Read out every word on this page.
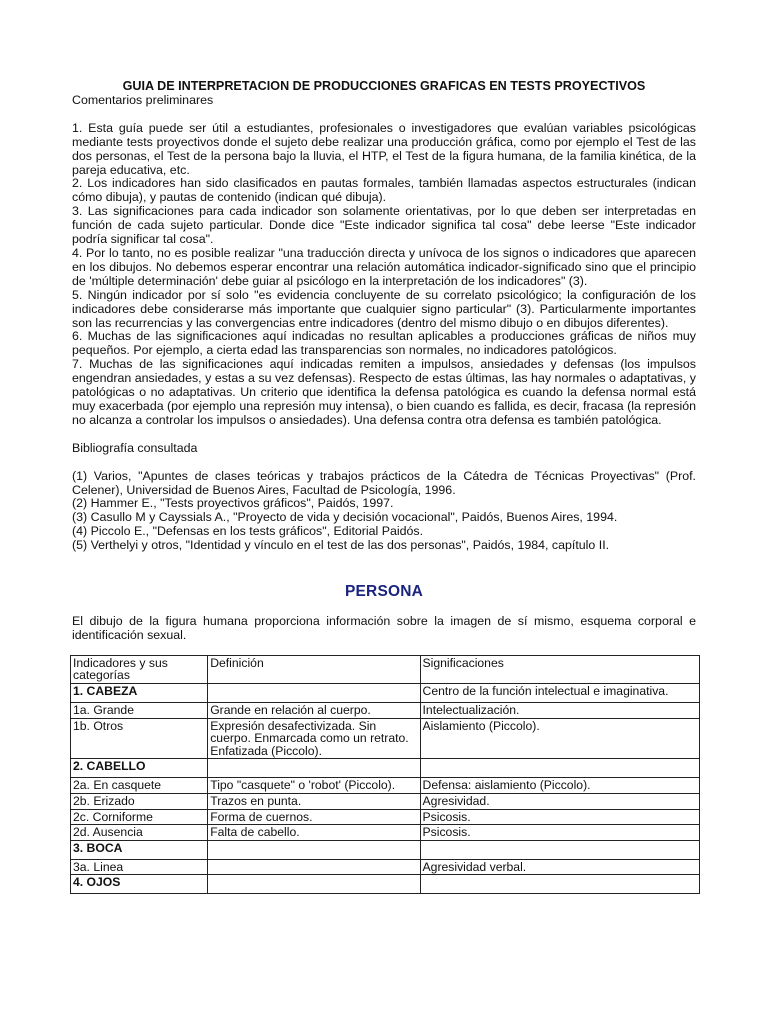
GUIA DE INTERPRETACION DE PRODUCCIONES GRAFICAS EN TESTS PROYECTIVOS
Comentarios preliminares

1. Esta guía puede ser útil a estudiantes, profesionales o investigadores que evalúan variables psicológicas mediante tests proyectivos donde el sujeto debe realizar una producción gráfica, como por ejemplo el Test de las dos personas, el Test de la persona bajo la lluvia, el HTP, el Test de la figura humana, de la familia kinética, de la pareja educativa, etc.

2. Los indicadores han sido clasificados en pautas formales, también llamadas aspectos estructurales (indican cómo dibuja), y pautas de contenido (indican qué dibuja).

3. Las significaciones para cada indicador son solamente orientativas, por lo que deben ser interpretadas en función de cada sujeto particular. Donde dice "Este indicador significa tal cosa" debe leerse "Este indicador podría significar tal cosa".

4. Por lo tanto, no es posible realizar "una traducción directa y unívoca de los signos o indicadores que aparecen en los dibujos. No debemos esperar encontrar una relación automática indicador-significado sino que el principio de 'múltiple determinación' debe guiar al psicólogo en la interpretación de los indicadores" (3).

5. Ningún indicador por sí solo "es evidencia concluyente de su correlato psicológico; la configuración de los indicadores debe considerarse más importante que cualquier signo particular" (3). Particularmente importantes son las recurrencias y las convergencias entre indicadores (dentro del mismo dibujo o en dibujos diferentes).

6. Muchas de las significaciones aquí indicadas no resultan aplicables a producciones gráficas de niños muy pequeños. Por ejemplo, a cierta edad las transparencias son normales, no indicadores patológicos.

7. Muchas de las significaciones aquí indicadas remiten a impulsos, ansiedades y defensas (los impulsos engendran ansiedades, y estas a su vez defensas). Respecto de estas últimas, las hay normales o adaptativas, y patológicas o no adaptativas. Un criterio que identifica la defensa patológica es cuando la defensa normal está muy exacerbada (por ejemplo una represión muy intensa), o bien cuando es fallida, es decir, fracasa (la represión no alcanza a controlar los impulsos o ansiedades). Una defensa contra otra defensa es también patológica.

Bibliografía consultada

(1) Varios, "Apuntes de clases teóricas y trabajos prácticos de la Cátedra de Técnicas Proyectivas" (Prof. Celener), Universidad de Buenos Aires, Facultad de Psicología, 1996.

(2) Hammer E., "Tests proyectivos gráficos", Paidós, 1997.

(3) Casullo M y Cayssials A., "Proyecto de vida y decisión vocacional", Paidós, Buenos Aires, 1994.

(4) Piccolo E., "Defensas en los tests gráficos", Editorial Paidós.

(5) Verthelyi y otros, "Identidad y vínculo en el test de las dos personas", Paidós, 1984, capítulo II.

PERSONA

El dibujo de la figura humana proporciona información sobre la imagen de sí mismo, esquema corporal e identificación sexual.

Indicadores y sus categorías	Definición	Significaciones
1. CABEZA		Centro de la función intelectual e imaginativa.
1a. Grande	Grande en relación al cuerpo.	Intelectualización.
1b. Otros	Expresión desafectivizada. Sin cuerpo. Enmarcada como un retrato. Enfatizada (Piccolo).	Aislamiento (Piccolo).
2. CABELLO		
2a. En casquete	Tipo "casquete" o 'robot' (Piccolo).	Defensa: aislamiento (Piccolo).
2b. Erizado	Trazos en punta.	Agresividad.
2c. Corniforme	Forma de cuernos.	Psicosis.
2d. Ausencia	Falta de cabello.	Psicosis.
3. BOCA		
3a. Linea		Agresividad verbal.
4. OJOS		
